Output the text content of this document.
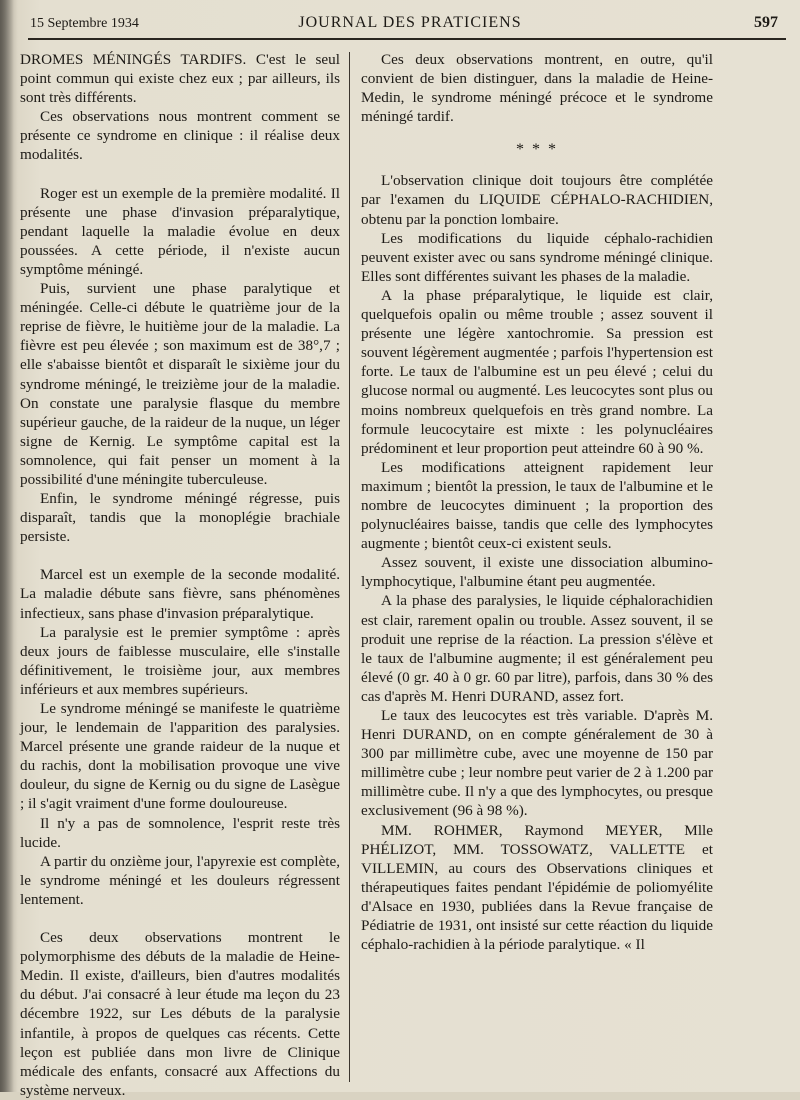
15 Septembre 1934	JOURNAL DES PRATICIENS	597

DROMES MÉNINGÉS TARDIFS. C'est le seul point commun qui existe chez eux ; par ailleurs, ils sont très différents.

Ces observations nous montrent comment se présente ce syndrome en clinique : il réalise deux modalités.

Roger est un exemple de la première modalité. Il présente une phase d'invasion préparalytique, pendant laquelle la maladie évolue en deux poussées. A cette période, il n'existe aucun symptôme méningé.

Puis, survient une phase paralytique et méningée. Celle-ci débute le quatrième jour de la reprise de fièvre, le huitième jour de la maladie. La fièvre est peu élevée ; son maximum est de 38°,7 ; elle s'abaisse bientôt et disparaît le sixième jour du syndrome méningé, le treizième jour de la maladie. On constate une paralysie flasque du membre supérieur gauche, de la raideur de la nuque, un léger signe de Kernig. Le symptôme capital est la somnolence, qui fait penser un moment à la possibilité d'une méningite tuberculeuse.

Enfin, le syndrome méningé régresse, puis disparaît, tandis que la monoplégie brachiale persiste.

Marcel est un exemple de la seconde modalité. La maladie débute sans fièvre, sans phénomènes infectieux, sans phase d'invasion préparalytique.

La paralysie est le premier symptôme : après deux jours de faiblesse musculaire, elle s'installe définitivement, le troisième jour, aux membres inférieurs et aux membres supérieurs.

Le syndrome méningé se manifeste le quatrième jour, le lendemain de l'apparition des paralysies. Marcel présente une grande raideur de la nuque et du rachis, dont la mobilisation provoque une vive douleur, du signe de Kernig ou du signe de Lasègue ; il s'agit vraiment d'une forme douloureuse.

Il n'y a pas de somnolence, l'esprit reste très lucide.

A partir du onzième jour, l'apyrexie est complète, le syndrome méningé et les douleurs régressent lentement.

Ces deux observations montrent le polymorphisme des débuts de la maladie de Heine-Medin. Il existe, d'ailleurs, bien d'autres modalités du début. J'ai consacré à leur étude ma leçon du 23 décembre 1922, sur Les débuts de la paralysie infantile, à propos de quelques cas récents. Cette leçon est publiée dans mon livre de Clinique médicale des enfants, consacré aux Affections du système nerveux.

Ces deux observations montrent, en outre, qu'il convient de bien distinguer, dans la maladie de Heine-Medin, le syndrome méningé précoce et le syndrome méningé tardif.

* * *

L'observation clinique doit toujours être complétée par l'examen du LIQUIDE CÉPHALO-RACHIDIEN, obtenu par la ponction lombaire.

Les modifications du liquide céphalo-rachidien peuvent exister avec ou sans syndrome méningé clinique. Elles sont différentes suivant les phases de la maladie.

A la phase préparalytique, le liquide est clair, quelquefois opalin ou même trouble ; assez souvent il présente une légère xantochromie. Sa pression est souvent légèrement augmentée ; parfois l'hypertension est forte. Le taux de l'albumine est un peu élevé ; celui du glucose normal ou augmenté. Les leucocytes sont plus ou moins nombreux quelquefois en très grand nombre. La formule leucocytaire est mixte : les polynucléaires prédominent et leur proportion peut atteindre 60 à 90 %.

Les modifications atteignent rapidement leur maximum ; bientôt la pression, le taux de l'albumine et le nombre de leucocytes diminuent ; la proportion des polynucléaires baisse, tandis que celle des lymphocytes augmente ; bientôt ceux-ci existent seuls.

Assez souvent, il existe une dissociation albumino-lymphocytique, l'albumine étant peu augmentée.

A la phase des paralysies, le liquide céphalorachidien est clair, rarement opalin ou trouble. Assez souvent, il se produit une reprise de la réaction. La pression s'élève et le taux de l'albumine augmente; il est généralement peu élevé (0 gr. 40 à 0 gr. 60 par litre), parfois, dans 30 % des cas d'après M. Henri DURAND, assez fort.

Le taux des leucocytes est très variable. D'après M. Henri DURAND, on en compte généralement de 30 à 300 par millimètre cube, avec une moyenne de 150 par millimètre cube ; leur nombre peut varier de 2 à 1.200 par millimètre cube. Il n'y a que des lymphocytes, ou presque exclusivement (96 à 98 %).

MM. ROHMER, Raymond MEYER, Mlle PHÉLIZOT, MM. TOSSOWATZ, VALLETTE et VILLEMIN, au cours des Observations cliniques et thérapeutiques faites pendant l'épidémie de poliomyélite d'Alsace en 1930, publiées dans la Revue française de Pédiatrie de 1931, ont insisté sur cette réaction du liquide céphalo-rachidien à la période paralytique. « Il
